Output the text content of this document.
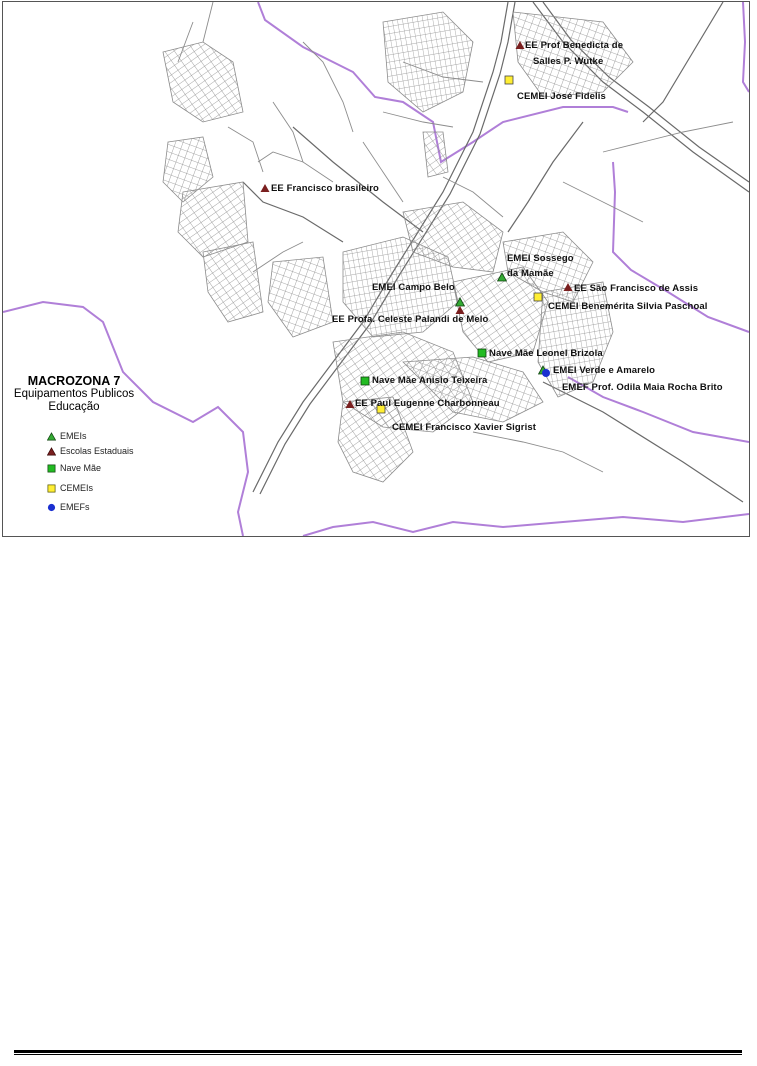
MACROZONA 7
Equipamentos Publicos
Educação
EMEIs
Escolas Estaduais
Nave Mãe
CEMEIs
EMEFs
EE Prof Benedicta de
Salles P. Wutke
CEMEI José Fidelis
EE Francisco brasileiro
EMEI Sossego
da Mamãe
EE São Francisco de Assis
EMEI Campo Belo
CEMEI Benemérita Silvia Paschoal
EE Profa. Celeste Palandi de Melo
Nave Mãe Leonel Brizola
EMEI Verde e Amarelo
Nave Mãe Anisio Teixeira
EMEF Prof. Odila Maia Rocha Brito
EE Paul Eugenne Charbonneau
CEMEI Francisco Xavier Sigrist
